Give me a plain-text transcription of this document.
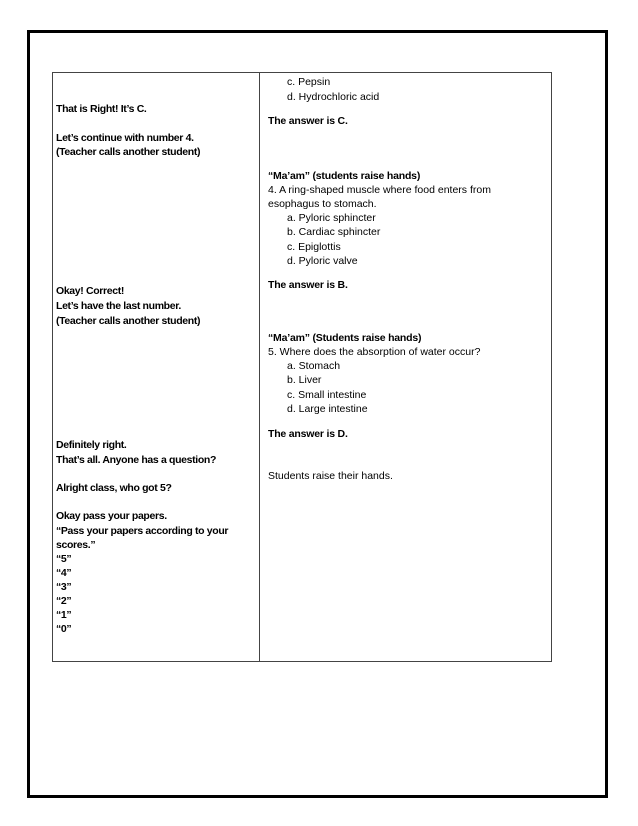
That is Right! It’s C.
Let’s continue with number 4.
(Teacher calls another student)
Okay! Correct!
Let’s have the last number.
(Teacher calls another student)
Definitely right.
That’s all. Anyone has a question?
Alright class, who got 5?
Okay pass your papers.
“Pass your papers according to your
scores.”
“5”
“4”
“3”
“2”
“1”
“0”
c. Pepsin
d. Hydrochloric acid
The answer is C.
“Ma’am” (students raise hands)
4. A ring-shaped muscle where food enters from
esophagus to stomach.
a. Pyloric sphincter
b. Cardiac sphincter
c. Epiglottis
d. Pyloric valve
The answer is B.
“Ma’am” (Students raise hands)
5. Where does the absorption of water occur?
a. Stomach
b. Liver
c. Small intestine
d. Large intestine
The answer is D.
Students raise their hands.
